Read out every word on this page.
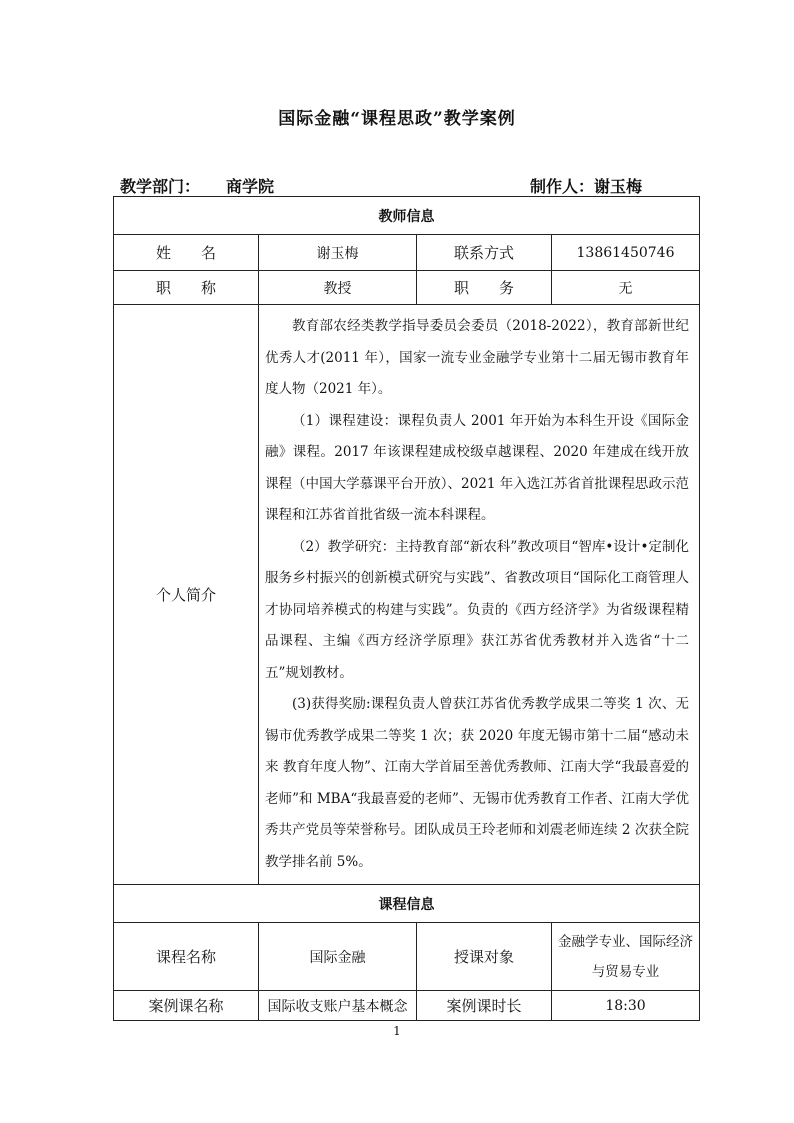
国际金融“课程思政”教学案例
教学部门： 商学院	制作人：谢玉梅
教师信息			
姓　　名	谢玉梅	联系方式	13861450746
职　　称	教授	职　　务	无
个人简介	教育部农经类教学指导委员会委员（2018-2022），教育部新世纪优秀人才(2011 年），国家一流专业金融学专业第十二届无锡市教育年度人物（2021 年）。

（1）课程建设：课程负责人 2001 年开始为本科生开设《国际金融》课程。2017 年该课程建成校级卓越课程、2020 年建成在线开放课程（中国大学慕课平台开放）、2021 年入选江苏省首批课程思政示范课程和江苏省首批省级一流本科课程。

（2）教学研究：主持教育部“新农科”教改项目“智库•设计•定制化服务乡村振兴的创新模式研究与实践”、省教改项目“国际化工商管理人才协同培养模式的构建与实践”。负责的《西方经济学》为省级课程精品课程、主编《西方经济学原理》获江苏省优秀教材并入选省“十二五”规划教材。

(3)获得奖励:课程负责人曾获江苏省优秀教学成果二等奖 1 次、无锡市优秀教学成果二等奖 1 次；获 2020 年度无锡市第十二届“感动未来 教育年度人物”、江南大学首届至善优秀教师、江南大学“我最喜爱的老师”和 MBA“我最喜爱的老师”、无锡市优秀教育工作者、江南大学优秀共产党员等荣誉称号。团队成员王玲老师和刘震老师连续 2 次获全院教学排名前 5%。		

课程信息			
课程名称	国际金融	授课对象	金融学专业、国际经济与贸易专业
案例课名称	国际收支账户基本概念	案例课时长	18:30
1
